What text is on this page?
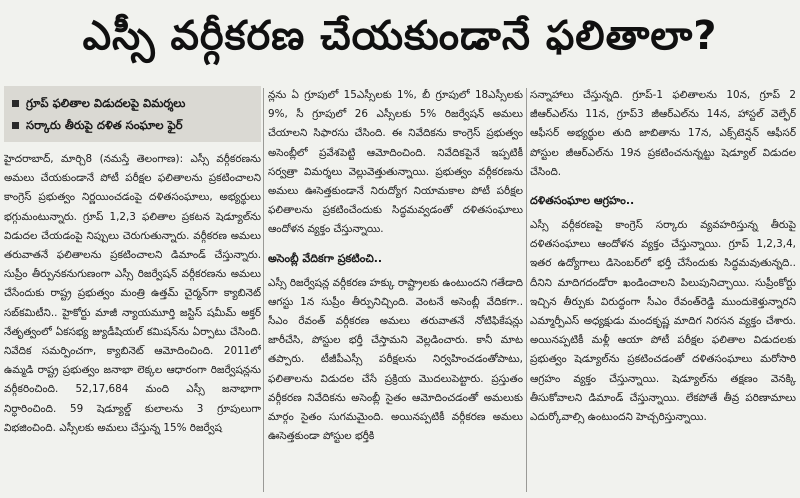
ఎస్సీ వర్గీకరణ చేయకుండానే ఫలితాలా?
గ్రూప్ ఫలితాల విడుదలపై విమర్శలు
సర్కారు తీరుపై దళిత సంఘాల ఫైర్

హైదరాబాద్, మార్చి8 (నమస్తే తెలంగాణ): ఎస్సీ వర్గీకరణను అమలు చేయకుండానే పోటీ పరీక్షల ఫలితాలను ప్రకటించాలని కాంగ్రెస్ ప్రభుత్వం నిర్ణయించడంపై దళితసంఘాలు, అభ్యర్థులు భగ్గుమంటున్నారు. గ్రూప్ 1,2,3 ఫలితాల ప్రకటన షెడ్యూల్‌ను విడుదల చేయడంపై నిప్పులు చెరుగుతున్నారు. వర్గీకరణ అమలు తరువాతనే ఫలితాలను ప్రకటించాలని డిమాండ్ చేస్తున్నారు. సుప్రీం తీర్పునకనుగుణంగా ఎస్సీ రిజర్వేషన్ వర్గీకరణను అమలు చేసేందుకు రాష్ట్ర ప్రభుత్వం మంత్రి ఉత్తమ్ చైర్మన్‌గా క్యాబినెట్ సబ్‌కమిటీని.. హైకోర్టు మాజీ న్యాయమూర్తి జస్టిస్ షమీమ్ అక్తర్ నేతృత్వంలో ఏకసభ్య జ్యుడీషియల్ కమిషన్‌ను ఏర్పాటు చేసింది. నివేదిక సమర్పించగా, క్యాబినెట్ ఆమోదించింది. 2011లో ఉమ్మడి రాష్ట్ర ప్రభుత్వం జనాభా లెక్కల ఆధారంగా రిజర్వేషన్లను వర్గీకరించింది. 52,17,684 మంది ఎస్సీ జనాభాగా నిర్ధారించింది. 59 షెడ్యూల్డ్ కులాలను 3 గ్రూపులుగా విభజించింది. ఎస్సీలకు అమలు చేస్తున్న 15% రిజర్వేష

న్లను ఏ గ్రూపులో 15ఎస్సీలకు 1%, బీ గ్రూపులో 18ఎస్సీలకు 9%, సీ గ్రూపులో 26 ఎస్సీలకు 5% రిజర్వేషన్ అమలు చేయాలని సిఫారసు చేసింది. ఈ నివేదికను కాంగ్రెస్ ప్రభుత్వం అసెంబ్లీలో ప్రవేశపెట్టి ఆమోదించింది. నివేదికపైనే ఇప్పటికీ సర్వత్రా విమర్శలు వెల్లువెత్తుతున్నాయి. ప్రభుత్వం వర్గీకరణను అమలు ఊసెత్తకుండానే నిరుద్యోగ నియామకాల పోటీ పరీక్షల ఫలితాలను ప్రకటించేందుకు సిద్ధమవ్వడంతో దళితసంఘాలు ఆందోళన వ్యక్తం చేస్తున్నాయి.

అసెంబ్లీ వేదికగా ప్రకటించి..

ఎస్సీ రిజర్వేషన్ల వర్గీకరణ హక్కు రాష్ట్రాలకు ఉంటుందని గతేడాది ఆగస్టు 1న సుప్రీం తీర్పునిచ్చింది. వెంటనే అసెంబ్లీ వేదికగా.. సీఎం రేవంత్ వర్గీకరణ అమలు తరువాతనే నోటిఫికేషన్లు జారీచేసి, పోస్టుల భర్తీ చేస్తామని వెల్లడించారు. కానీ మాట తప్పారు. టీజీపీఎస్సీ పరీక్షలను నిర్వహించడంతోపాటు, ఫలితాలను విడుదల చేసే ప్రక్రియ మొదలుపెట్టారు. ప్రస్తుతం వర్గీకరణ నివేదికను అసెంబ్లీ సైతం ఆమోదించడంతో అమలుకు మార్గం సైతం సుగమమైంది. అయినప్పటికీ వర్గీకరణ అమలు ఊసెత్తకుండా పోస్టుల భర్తీకి

సన్నాహాలు చేస్తున్నది. గ్రూప్-1 ఫలితాలను 10న, గ్రూప్ 2 జీఆర్ఎల్‌ను 11న, గ్రూప్3 జీఆర్ఎల్‌ను 14న, హాస్టల్ వెల్ఫేర్ ఆఫీసర్ అభ్యర్థుల తుది జాబితాను 17న, ఎక్స్‌టెన్షన్ ఆఫీసర్ పోస్టుల జీఆర్ఎల్‌ను 19న ప్రకటించనున్నట్టు షెడ్యూల్ విడుదల చేసింది.

దళితసంఘాల ఆగ్రహం..

ఎస్సీ వర్గీకరణపై కాంగ్రెస్ సర్కారు వ్యవహరిస్తున్న తీరుపై దళితసంఘాలు ఆందోళన వ్యక్తం చేస్తున్నాయి. గ్రూప్ 1,2,3,4, ఇతర ఉద్యోగాలు డిసెంబర్‌లో భర్తీ చేసేందుకు సిద్ధమవుతున్నది.. దీనిని మాదిగదండోరా ఖండించాలని పిలుపునిచ్చాయి. సుప్రీంకోర్టు ఇచ్చిన తీర్పుకు విరుద్ధంగా సీఎం రేవంత్‌రెడ్డి ముందుకెళ్తున్నారని ఎమ్మార్పీఎస్ అధ్యక్షుడు మందకృష్ణ మాదిగ నిరసన వ్యక్తం చేశారు. అయినప్పటికీ మళ్లీ ఆయా పోటీ పరీక్షల ఫలితాల విడుదలకు ప్రభుత్వం షెడ్యూల్‌ను ప్రకటించడంతో దళితసంఘాలు మరోసారి ఆగ్రహం వ్యక్తం చేస్తున్నాయి. షెడ్యూల్‌ను తక్షణం వెనక్కి తీసుకోవాలని డిమాండ్ చేస్తున్నాయి. లేకపోతే తీవ్ర పరిణామాలు ఎదుర్కోవాల్సి ఉంటుందని హెచ్చరిస్తున్నాయి.
